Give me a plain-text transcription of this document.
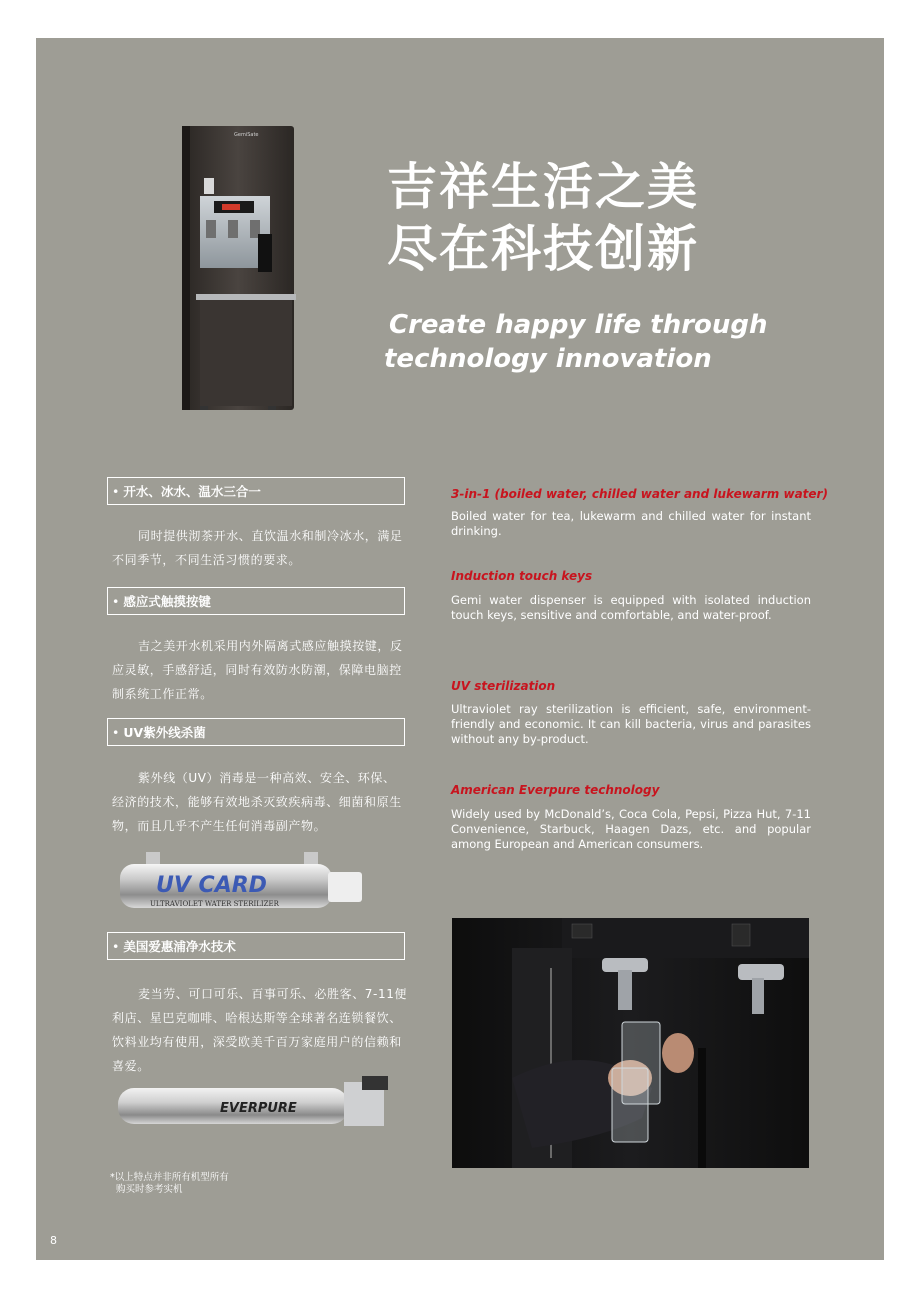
GemiSate
吉祥生活之美
尽在科技创新
Create happy life through
technology innovation
• 开水、冰水、温水三合一
同时提供沏茶开水、直饮温水和制冷冰水，满足不同季节，不同生活习惯的要求。
• 感应式触摸按键
吉之美开水机采用内外隔离式感应触摸按键，反应灵敏，手感舒适，同时有效防水防潮，保障电脑控制系统工作正常。
• UV紫外线杀菌
紫外线（UV）消毒是一种高效、安全、环保、经济的技术，能够有效地杀灭致疾病毒、细菌和原生物，而且几乎不产生任何消毒副产物。
UV CARD
ULTRAVIOLET WATER STERILIZER
• 美国爱惠浦净水技术
麦当劳、可口可乐、百事可乐、必胜客、7-11便利店、星巴克咖啡、哈根达斯等全球著名连锁餐饮、饮料业均有使用，深受欧美千百万家庭用户的信赖和喜爱。
EVERPURE
*以上特点并非所有机型所有
购买时参考实机
3-in-1 (boiled water, chilled water and lukewarm water)
Boiled water for tea, lukewarm and chilled water for instant drinking.
Induction touch keys
Gemi water dispenser is equipped with isolated induction touch keys, sensitive and comfortable, and water-proof.
UV sterilization
Ultraviolet ray sterilization is efficient, safe, environment-friendly and economic. It can kill bacteria, virus and parasites without any by-product.
American Everpure technology
Widely used by McDonald’s, Coca Cola, Pepsi, Pizza Hut, 7-11 Convenience, Starbuck, Haagen Dazs, etc. and popular among European and American consumers.
8
